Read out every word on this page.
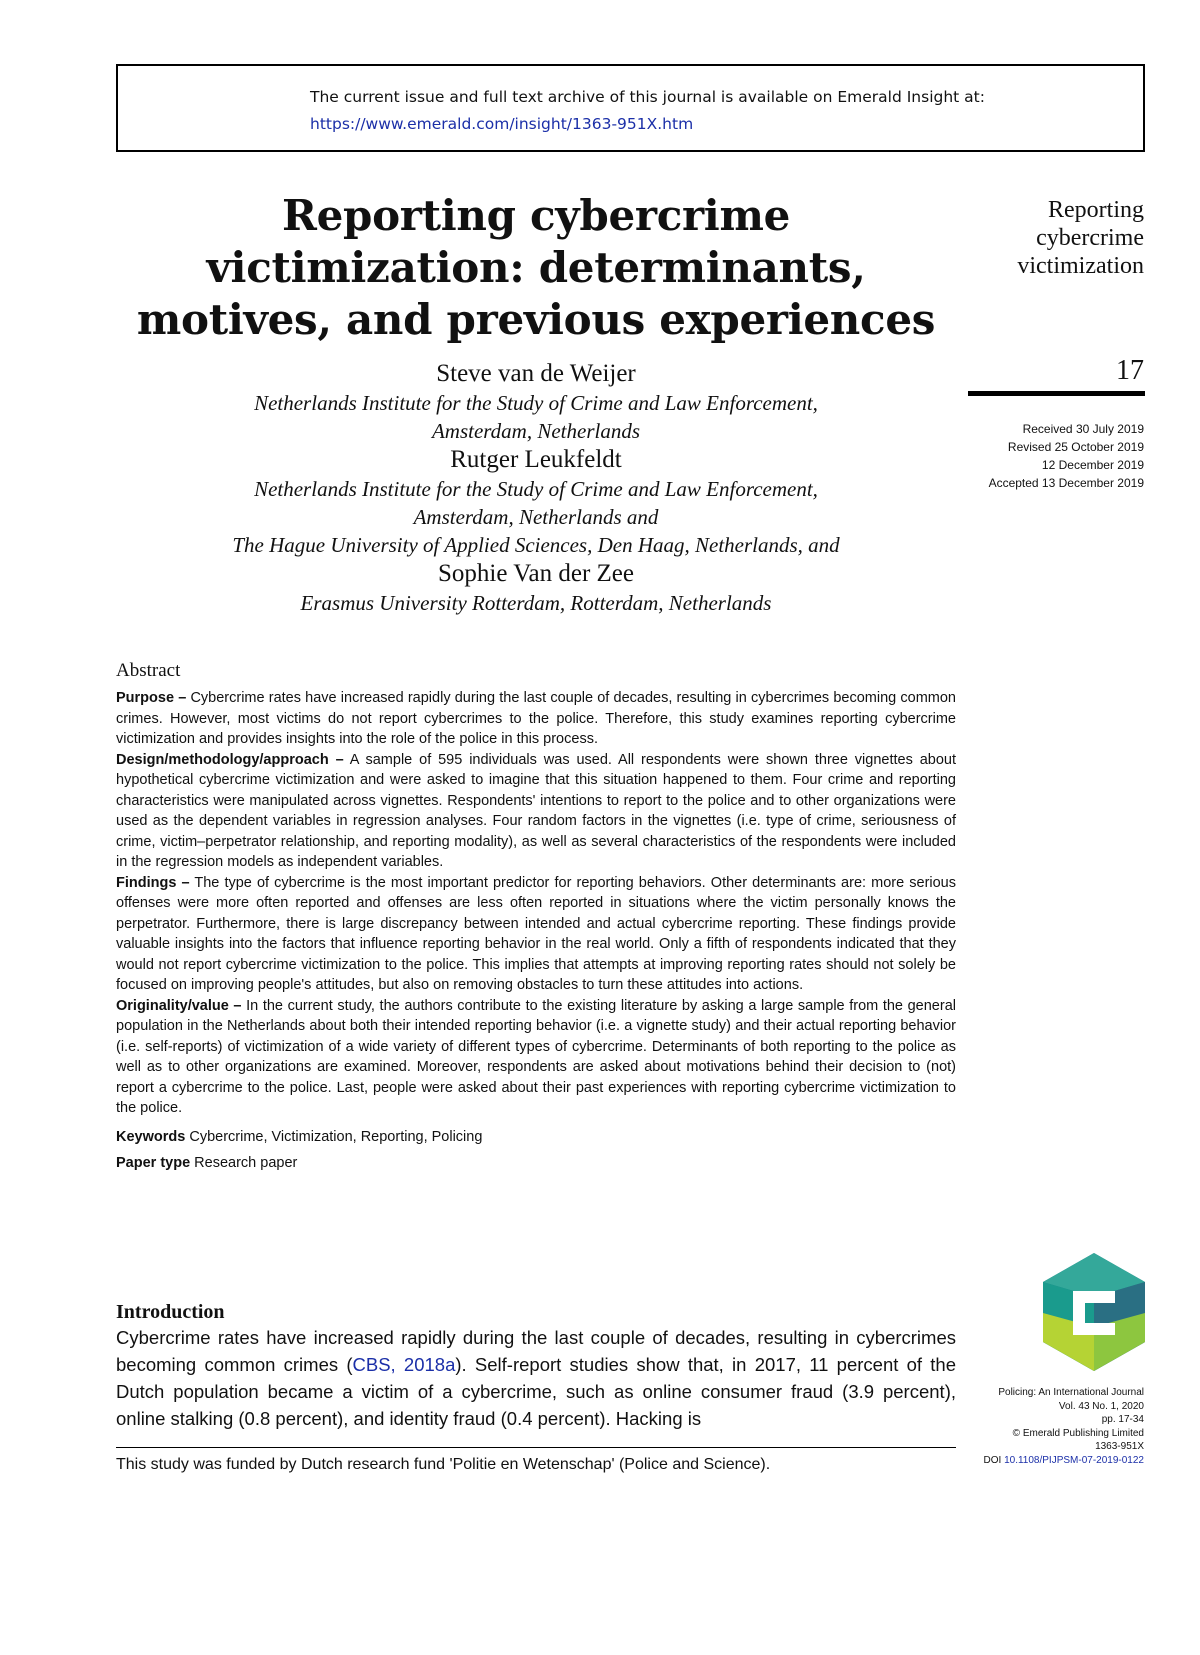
The current issue and full text archive of this journal is available on Emerald Insight at:
https://www.emerald.com/insight/1363-951X.htm
Reporting cybercrime
victimization: determinants,
motives, and previous experiences
Reporting
cybercrime
victimization
17
Received 30 July 2019
Revised 25 October 2019
12 December 2019
Accepted 13 December 2019
Steve van de Weijer
Netherlands Institute for the Study of Crime and Law Enforcement,
Amsterdam, Netherlands
Rutger Leukfeldt
Netherlands Institute for the Study of Crime and Law Enforcement,
Amsterdam, Netherlands and
The Hague University of Applied Sciences, Den Haag, Netherlands, and
Sophie Van der Zee
Erasmus University Rotterdam, Rotterdam, Netherlands
Abstract

Purpose – Cybercrime rates have increased rapidly during the last couple of decades, resulting in cybercrimes becoming common crimes. However, most victims do not report cybercrimes to the police. Therefore, this study examines reporting cybercrime victimization and provides insights into the role of the police in this process.

Design/methodology/approach – A sample of 595 individuals was used. All respondents were shown three vignettes about hypothetical cybercrime victimization and were asked to imagine that this situation happened to them. Four crime and reporting characteristics were manipulated across vignettes. Respondents' intentions to report to the police and to other organizations were used as the dependent variables in regression analyses. Four random factors in the vignettes (i.e. type of crime, seriousness of crime, victim–perpetrator relationship, and reporting modality), as well as several characteristics of the respondents were included in the regression models as independent variables.

Findings – The type of cybercrime is the most important predictor for reporting behaviors. Other determinants are: more serious offenses were more often reported and offenses are less often reported in situations where the victim personally knows the perpetrator. Furthermore, there is large discrepancy between intended and actual cybercrime reporting. These findings provide valuable insights into the factors that influence reporting behavior in the real world. Only a fifth of respondents indicated that they would not report cybercrime victimization to the police. This implies that attempts at improving reporting rates should not solely be focused on improving people's attitudes, but also on removing obstacles to turn these attitudes into actions.

Originality/value – In the current study, the authors contribute to the existing literature by asking a large sample from the general population in the Netherlands about both their intended reporting behavior (i.e. a vignette study) and their actual reporting behavior (i.e. self-reports) of victimization of a wide variety of different types of cybercrime. Determinants of both reporting to the police as well as to other organizations are examined. Moreover, respondents are asked about motivations behind their decision to (not) report a cybercrime to the police. Last, people were asked about their past experiences with reporting cybercrime victimization to the police.

Keywords Cybercrime, Victimization, Reporting, Policing

Paper type Research paper

Introduction

Cybercrime rates have increased rapidly during the last couple of decades, resulting in cybercrimes becoming common crimes (CBS, 2018a). Self-report studies show that, in 2017, 11 percent of the Dutch population became a victim of a cybercrime, such as online consumer fraud (3.9 percent), online stalking (0.8 percent), and identity fraud (0.4 percent). Hacking is

This study was funded by Dutch research fund 'Politie en Wetenschap' (Police and Science).
Policing: An International Journal
Vol. 43 No. 1, 2020
pp. 17-34
© Emerald Publishing Limited
1363-951X
DOI 10.1108/PIJPSM-07-2019-0122
